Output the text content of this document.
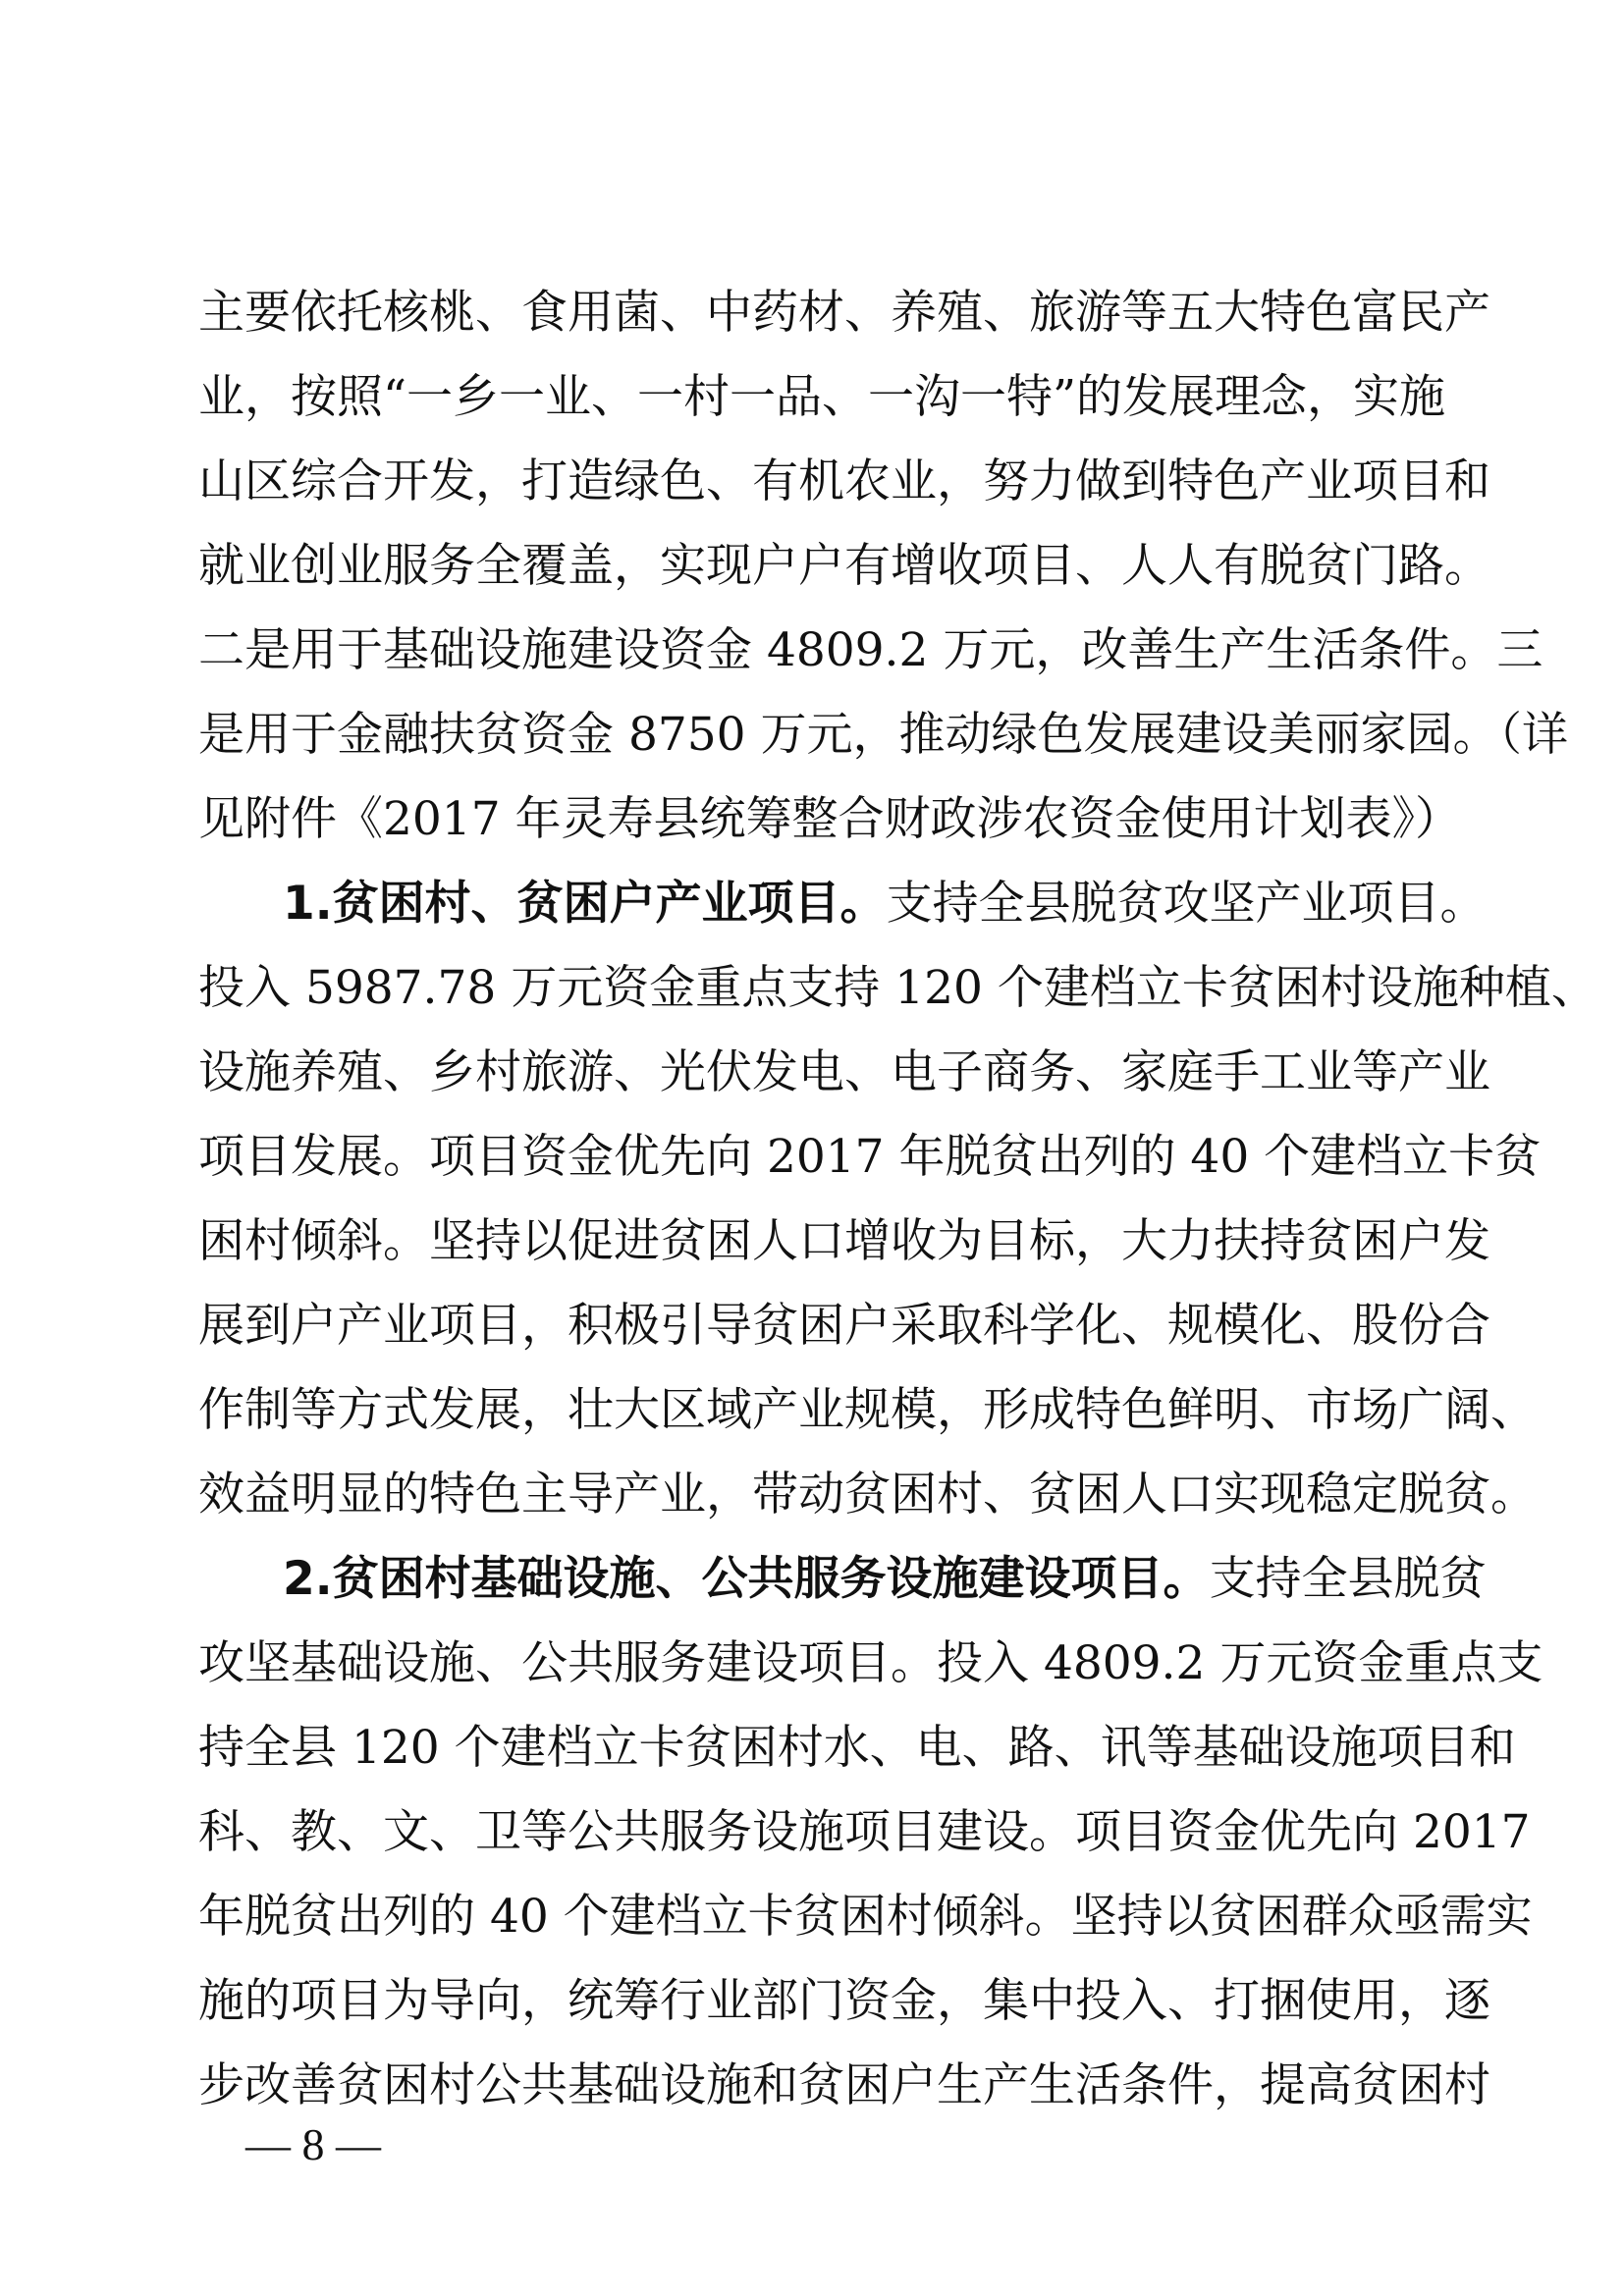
主要依托核桃、食用菌、中药材、养殖、旅游等五大特色富民产
业，按照“一乡一业、一村一品、一沟一特”的发展理念，实施
山区综合开发，打造绿色、有机农业，努力做到特色产业项目和
就业创业服务全覆盖，实现户户有增收项目、人人有脱贫门路。
二是用于基础设施建设资金 4809.2 万元，改善生产生活条件。三
是用于金融扶贫资金 8750 万元，推动绿色发展建设美丽家园。（详
见附件《2017 年灵寿县统筹整合财政涉农资金使用计划表》）
1.贫困村、贫困户产业项目。支持全县脱贫攻坚产业项目。
投入 5987.78 万元资金重点支持 120 个建档立卡贫困村设施种植、
设施养殖、乡村旅游、光伏发电、电子商务、家庭手工业等产业
项目发展。项目资金优先向 2017 年脱贫出列的 40 个建档立卡贫
困村倾斜。坚持以促进贫困人口增收为目标，大力扶持贫困户发
展到户产业项目，积极引导贫困户采取科学化、规模化、股份合
作制等方式发展，壮大区域产业规模，形成特色鲜明、市场广阔、
效益明显的特色主导产业，带动贫困村、贫困人口实现稳定脱贫。
2.贫困村基础设施、公共服务设施建设项目。支持全县脱贫
攻坚基础设施、公共服务建设项目。投入 4809.2 万元资金重点支
持全县 120 个建档立卡贫困村水、电、路、讯等基础设施项目和
科、教、文、卫等公共服务设施项目建设。项目资金优先向 2017
年脱贫出列的 40 个建档立卡贫困村倾斜。坚持以贫困群众亟需实
施的项目为导向，统筹行业部门资金，集中投入、打捆使用，逐
步改善贫困村公共基础设施和贫困户生产生活条件，提高贫困村
— 8 —
